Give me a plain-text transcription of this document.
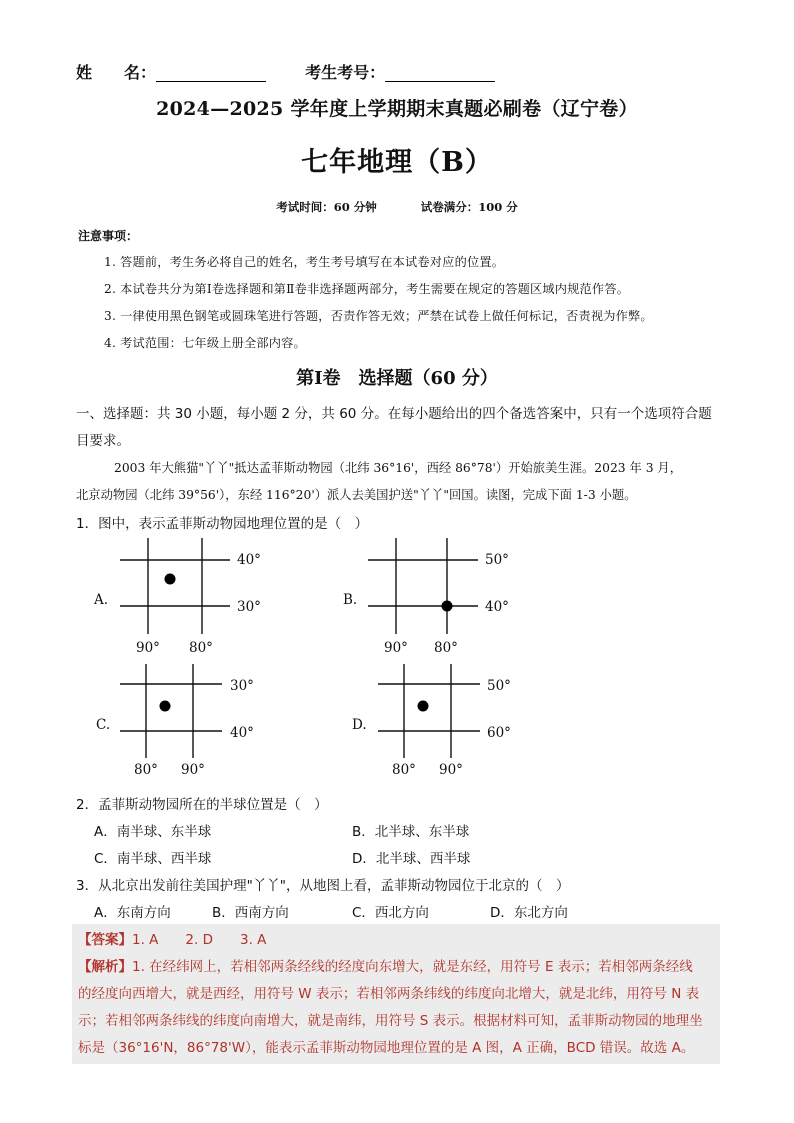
姓　　名：	考生考号：
2024—2025 学年度上学期期末真题必刷卷（辽宁卷）
七年地理（B）
考试时间：60 分钟	试卷满分：100 分
注意事项：
1. 答题前，考生务必将自己的姓名，考生考号填写在本试卷对应的位置。
2. 本试卷共分为第Ⅰ卷选择题和第Ⅱ卷非选择题两部分，考生需要在规定的答题区域内规范作答。
3. 一律使用黑色钢笔或圆珠笔进行答题，否责作答无效；严禁在试卷上做任何标记，否责视为作弊。
4. 考试范围：七年级上册全部内容。
第Ⅰ卷　选择题（60 分）
一、选择题：共 30 小题，每小题 2 分，共 60 分。在每小题给出的四个备选答案中，只有一个选项符合题
目要求。
2003 年大熊猫"丫丫"抵达孟菲斯动物园（北纬 36°16'，西经 86°78'）开始旅美生涯。2023 年 3 月，
北京动物园（北纬 39°56'），东经 116°20'）派人去美国护送"丫丫"回国。读图，完成下面 1-3 小题。
1．图中，表示孟菲斯动物园地理位置的是（　）
A.
40°
30°
90° 80°
B.
50°
40°
90° 80°
C.
30°
40°
80° 90°
D.
50°
60°
80° 90°
2．孟菲斯动物园所在的半球位置是（　）
A．南半球、东半球	B．北半球、东半球
C．南半球、西半球	D．北半球、西半球
3．从北京出发前往美国护理"丫丫"，从地图上看，孟菲斯动物园位于北京的（　）
A．东南方向	B．西南方向	C．西北方向	D．东北方向
【答案】1. A　　2. D　　3. A
【解析】1. 在经纬网上，若相邻两条经线的经度向东增大，就是东经，用符号 E 表示；若相邻两条经线
的经度向西增大，就是西经，用符号 W 表示；若相邻两条纬线的纬度向北增大，就是北纬，用符号 N 表
示；若相邻两条纬线的纬度向南增大，就是南纬，用符号 S 表示。根据材料可知，孟菲斯动物园的地理坐
标是（36°16'N，86°78'W），能表示孟菲斯动物园地理位置的是 A 图，A 正确，BCD 错误。故选 A。
